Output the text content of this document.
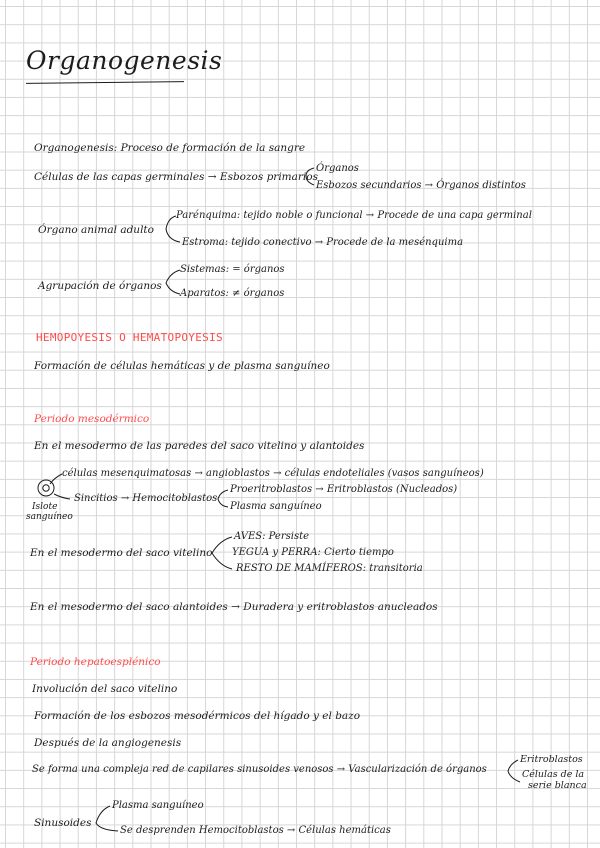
Organogenesis
Organogenesis: Proceso de formación de la sangre
Células de las capas germinales → Esbozos primarios
Órganos
Esbozos secundarios → Órganos distintos
Órgano animal adulto
Parénquima: tejido noble o funcional → Procede de una capa germinal
Estroma: tejido conectivo → Procede de la mesénquima
Agrupación de órganos
Sistemas: = órganos
Aparatos: ≠ órganos
HEMOPOYESIS O HEMATOPOYESIS
Formación de células hemáticas y de plasma sanguíneo
Periodo mesodérmico
En el mesodermo de las paredes del saco vitelino y alantoides
células mesenquimatosas → angioblastos → células endoteliales (vasos sanguíneos)
Sincitios → Hemocitoblastos
Proeritroblastos → Eritroblastos (Nucleados)
Plasma sanguíneo
Islote
sanguíneo
En el mesodermo del saco vitelino
AVES: Persiste
YEGUA y PERRA: Cierto tiempo
RESTO DE MAMÍFEROS: transitoria
En el mesodermo del saco alantoides → Duradera y eritroblastos anucleados
Periodo hepatoesplénico
Involución del saco vitelino
Formación de los esbozos mesodérmicos del hígado y el bazo
Después de la angiogenesis
Se forma una compleja red de capilares sinusoides venosos → Vascularización de órganos
Eritroblastos
Células de la
serie blanca
Sinusoides
Plasma sanguíneo
Se desprenden Hemocitoblastos → Células hemáticas
